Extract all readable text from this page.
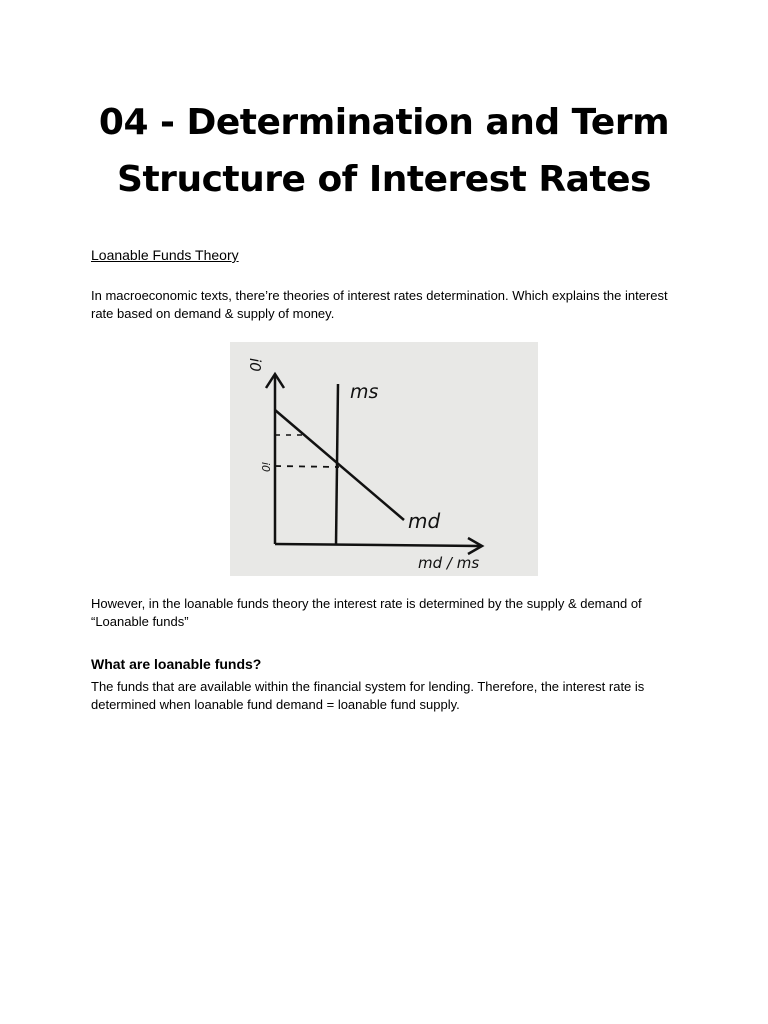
04 - Determination and Term
Structure of Interest Rates

Loanable Funds Theory

In macroeconomic texts, there’re theories of interest rates determination. Which explains the interest rate based on demand & supply of money.

i0
i0
ms
md
md / ms

However, in the loanable funds theory the interest rate is determined by the supply & demand of “Loanable funds”

What are loanable funds?

The funds that are available within the financial system for lending. Therefore, the interest rate is determined when loanable fund demand = loanable fund supply.
